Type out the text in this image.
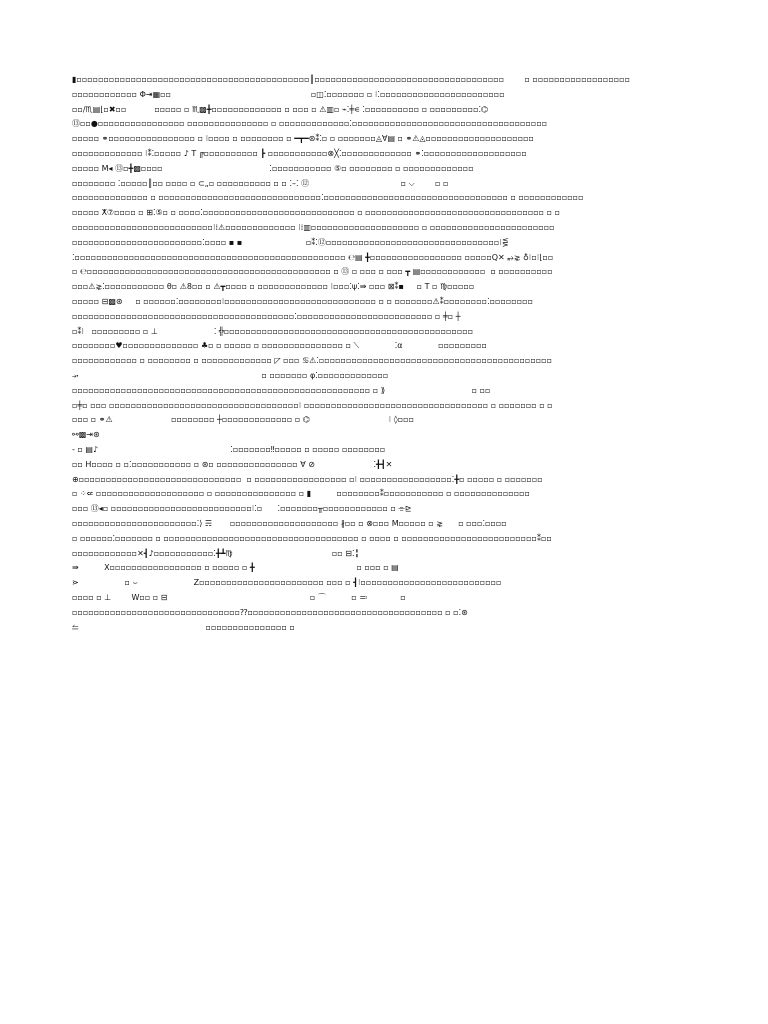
▮▫▫▫▫▫▫▫▫▫▫▫▫▫▫▫▫▫▫▫▫▫▫▫▫▫▫▫▫▫▫▫▫▫▫▫▫▫▫▫▫▫▫▫║▫▫▫▫▫▫▫▫▫▫▫▫▫▫▫▫▫▫▫▫▫▫▫▫▫▫▫▫▫▫▫▫▫▫▫        ▫ ▫▫▫▫▫▫▫▫▫▫▫▫▫▫▫▫▫▫
▫▫▫▫▫▫▫▫▫▫▫▫ Φ⇥▦▫▫                                                       ▫◫⁚▫▫▫▫▫▫▫ ▫ ⁝⁚▫▫▫▫▫▫▫▫▫▫▫▫▫▫▫▫▫▫▫▫▫▫▫
▫▫/♏▤⌊▫✖▫▫           ▫▫▫▫▫ ▫ ♏▩╋▫▫▫▫▫▫▫▫▫▫▫▫▫ ▫ ▫▫▫ ▫ ⚠▥▫ ⌁⁚╪∊ ⁚▫▫▫▫▫▫▫▫▫▫ ▫ ▫▫▫▫▫▫▫▫▫⁚⌬
⑬▫▫●▫▫▫▫▫▫▫▫▫▫▫▫▫▫▫▫ ▫▫▫▫▫▫▫▫▫▫▫▫▫▫▫ ▫ ▫▫▫▫▫▫▫▫▫▫▫▫▫⁚▫▫▫▫▫▫▫▫▫▫▫▫▫▫▫▫▫▫▫▫▫▫▫▫▫▫▫▫▫▫▫▫▫▫▫▫
▫▫▫▫▫ ⚭▫▫▫▫▫▫▫▫▫▫▫▫▫▫▫▫ ▫ ⁝▫▫▫▫ ▫ ▫▫▫▫▫▫▫▫ ▫ ━┳━⊛⁑⁚▫ ▫ ▫▫▫▫▫▫▫◬∀▤ ▫ ⚭⚠◬▫▫▫▫▫▫▫▫▫▫▫▫▫▫▫▫▫▫▫▫
▫▫▫▫▫▫▫▫▫▫▫▫▫ ⁝⁑⁚▫▫▫▫▫ ♪ T ╔▫▫▫▫▫▫▫▫▫▫ ┣ ▫▫▫▫▫▫▫▫▫▫▫⊗╳⁚▫▫▫▫▫▫▫▫▫▫▫▫▫ ⚭⁚▫▫▫▫▫▫▫▫▫▫▫▫▫▫▫▫▫▫▫
▫▫▫▫▫ M◂ ⑬▫╋▩▫▫▫▫                                          ⁚▫▫▫▫▫▫▫▫▫▫▫ ⑤▫ ▫▫▫▫▫▫▫▫ ▫ ▫▫▫▫▫▫▫▫▫▫▫▫▫
▫▫▫▫▫▫▫▫ ⁚▫▫▫▫▫║▫▫ ▫▫▫▫ ▫ ⊂„▫ ▫▫▫▫▫▫▫▫▫▫ ▫ ▫ ⁚–⁚ ⑫                                    ▫ ⌵        ▫ ▫
▫▫▫▫▫▫▫▫▫▫▫▫▫▫ ▫ ▫▫▫▫▫▫▫▫▫▫▫▫▫▫▫▫▫▫▫▫▫▫▫▫▫▫▫▫▫▫⁚▫▫▫▫▫▫▫▫▫▫▫▫▫▫▫▫▫▫▫▫▫▫▫▫▫▫▫▫▫▫▫▫▫▫ ▫ ▫▫▫▫▫▫▫▫▫▫▫▫
▫▫▫▫▫ ⵅ⑦▫▫▫▫ ▫ ⊞⁚⑤▫ ▫ ▫▫▫▫⁚▫▫▫▫▫▫▫▫▫▫▫▫▫▫▫▫▫▫▫▫▫▫▫▫▫▫▫▫ ▫ ▫▫▫▫▫▫▫▫▫▫▫▫▫▫▫▫▫▫▫▫▫▫▫▫▫▫▫▫▫▫▫▫▫ ▫ ▫
▫▫▫▫▫▫▫▫▫▫▫▫▫▫▫▫▫▫▫▫▫▫▫▫▫▫⁝⁞⚠▫▫▫▫▫▫▫▫▫▫▫▫▫ ⁝⁞▥▫▫▫▫▫▫▫▫▫▫▫▫▫▫▫▫▫▫▫▫ ▫ ▫▫▫▫▫▫▫▫▫▫▫▫▫▫▫▫▫▫▫▫▫▫▫
▫▫▫▫▫▫▫▫▫▫▫▫▫▫▫▫▫▫▫▫▫▫▫▫⁚▫▫▫▫ ▪ ▪                         ▫⁑⁚⑫▫▫▫▫▫▫▫▫▫▫▫▫▫▫▫▫▫▫▫▫▫▫▫▫▫▫▫▫▫▫▫▫⁝⋚
⁚▫▫▫▫▫▫▫▫▫▫▫▫▫▫▫▫▫▫▫▫▫▫▫▫▫▫▫▫▫▫▫▫▫▫▫▫▫▫▫▫▫▫▫▫▫▫▫▫▫▫ ℮▤ ╋▫▫▫▫▫▫▫▫▫▫▫▫▫▫▫▫▫ ▫▫▫▫▫Q✕ ⥵⋧ ♁⁝▫⁝⌊▫▫
▫ ℮▫▫▫▫▫▫▫▫▫▫▫▫▫▫▫▫▫▫▫▫▫▫▫▫▫▫▫▫▫▫▫▫▫▫▫▫▫▫▫▫▫▫▫▫▫ ▫ ⑬ ▫ ▫▫▫ ▫ ▫▫▫ ┳ ▤▫▫▫▫▫▫▫▫▫▫▫▫  ▫ ▫▫▫▫▫▫▫▫▫▫
▫▫▫⚠⋧⁚▫▫▫▫▫▫▫▫▫▫▫ θ▫ ⚠8▫▫ ▫ ⚠┳▫▫▫▫ ▫ ▫▫▫▫▫▫▫▫▫▫▫▫▫ ⁝▫▫▫⁚ψ⁚⇛ ▫▫▫ ⊠⁑▪     ▫ T ▫ ♍▫▫▫▫▫
▫▫▫▫▫ ⊟▩⊛     ▫ ▫▫▫▫▫▫⁚▫▫▫▫▫▫▫▫⁝▫▫▫▫▫▫▫▫▫▫▫▫▫▫▫▫▫▫▫▫▫▫▫▫▫▫▫▫ ▫ ▫ ▫▫▫▫▫▫▫⚠⁑▫▫▫▫▫▫▫▫⁚▫▫▫▫▫▫▫▫
▫▫▫▫▫▫▫▫▫▫▫▫▫▫▫▫▫▫▫▫▫▫▫▫▫▫▫▫▫▫▫▫▫▫▫▫▫▫▫▫▫⁚▫▫▫▫▫▫▫▫▫▫▫▫▫▫▫▫▫▫▫▫▫▫▫▫▫ ▫ ╪▫ ┼
▫⁑⁝   ▫▫▫▫▫▫▫▫▫ ▫ ⊥                      ⁚ ╬▫▫▫▫▫▫▫▫▫▫▫▫▫▫▫▫▫▫▫▫▫▫▫▫▫▫▫▫▫▫▫▫▫▫▫▫▫▫▫▫▫▫▫▫▫▫
▫▫▫▫▫▫▫▫♥▫▫▫▫▫▫▫▫▫▫▫▫▫▫ ♣▫ ▫ ▫▫▫▫▫ ▫ ▫▫▫▫▫▫▫▫▫▫▫▫▫▫▫ ▫ ⟍              ⁚α              ▫▫▫▫▫▫▫▫▫
▫▫▫▫▫▫▫▫▫▫▫▫ ▫ ▫▫▫▫▫▫▫▫ ▫ ▫▫▫▫▫▫▫▫▫▫▫▫▫ ◸ ▫▫▫ ♋⚠⁚▫▫▫▫▫▫▫▫▫▫▫▫▫▫▫▫▫▫▫▫▫▫▫▫▫▫▫▫▫▫▫▫▫▫▫▫▫▫▫▫▫▫▫
⤞                                                                        ▫ ▫▫▫▫▫▫▫ φ⁚▫▫▫▫▫▫▫▫▫▫▫▫▫
▫▫▫▫▫▫▫▫▫▫▫▫▫▫▫▫▫▫▫▫▫▫▫▫▫▫▫▫▫▫▫▫▫▫▫▫▫▫▫▫▫▫▫▫▫▫▫▫▫▫▫▫▫▫▫ ▫ ⟫                                  ▫ ▫▫
▫╪▫ ▫▫▫ ▫▫▫▫▫▫▫▫▫▫▫▫▫▫▫▫▫▫▫▫▫▫▫▫▫▫▫▫▫▫▫▫▫▫▫⁝ ▫▫▫▫▫▫▫▫▫▫▫▫▫▫▫▫▫▫▫▫▫▫▫▫▫▫▫▫▫▫▫▫▫▫ ▫ ▫▫▫▫▫▫▫ ▫ ▫
▫▫▫ ▫ ⚭⚠                       ▫▫▫▫▫▫▫▫ ┼▫▫▫▫▫▫▫▫▫▫▫▫▫ ▫ ⌬                               ⁝ ◊▫▫▫
⚯▩⇥⊛
- ▫ ▤♪                                                    ⁚▫▫▫▫▫▫▫‼▫▫▫▫▫ ▫ ▫▫▫▫▫ ▫▫▫▫▫▫▫▫
▫▫ H▫▫▫▫ ▫ ▫⁚▫▫▫▫▫▫▫▫▫▫▫ ▫ ⊛▫ ▫▫▫▫▫▫▫▫▫▫▫▫▫▫▫ ∀ ⊘                       ⁚╋┫✕
⊕▫▫▫▫▫▫▫▫▫▫▫▫▫▫▫▫▫▫▫▫▫▫▫▫▫▫▫▫▫▫  ▫ ▫▫▫▫▫▫▫▫▫▫▫▫▫▫▫▫▫ ▫⁝ ▫▫▫▫▫▫▫▫▫▫▫▫▫▫▫▫▫⁚╋▫ ▫▫▫▫▫ ▫ ▫▫▫▫▫▫▫
▫ ⁘⇍ ▫▫▫▫▫▫▫▫▫▫▫▫▫▫▫▫▫▫▫▫ ▫ ▫▫▫▫▫▫▫▫▫▫▫▫▫▫▫ ▫ ▮          ▫▫▫▫▫▫▫▫⁑▫▫▫▫▫▫▫▫▫▫▫ ▫ ▫▫▫▫▫▫▫▫▫▫▫▫▫▫
▫▫▫ ⑬◂▫ ▫▫▫▫▫▫▫▫▫▫▫▫▫▫▫▫▫▫▫▫▫▫▫▫▫▫⁝⁚▫      ⁚▫▫▫▫▫▫▫╥▫▫▫▫▫▫▫▫▫▫▫▫ ▫ ⌯⊵
▫▫▫▫▫▫▫▫▫▫▫▫▫▫▫▫▫▫▫▫▫▫▫⁚⟩ ☴       ▫▫▫▫▫▫▫▫▫▫▫▫▫▫▫▫▫▫▫▫ ∦▫▫ ▫ ⊗▫▫▫ M▫▫▫▫▫ ▫ ⋧      ▫ ▫▫▫⁚▫▫▫▫
▫ ▫▫▫▫▫▫⁚▫▫▫▫▫▫▫ ▫ ▫▫▫▫▫▫▫▫▫▫▫▫▫▫▫▫▫▫▫▫▫▫▫▫▫▫▫▫▫▫▫▫▫▫▫▫ ▫ ▫▫▫▫ ▫ ▫▫▫▫▫▫▫▫▫▫▫▫▫▫▫▫▫▫▫▫▫▫▫▫▫⁑▫▫
▫▫▫▫▫▫▫▫▫▫▫▫✕┫♪▫▫▫▫▫▫▫▫▫▫▫⁚╋┻♍                                       ▫▫ ⊟⁚╏
⇛          X▫▫▫▫▫▫▫▫▫▫▫▫▫▫▫▫▫ ▫ ▫▫▫▫▫ ▫ ╋                                        ▫ ▫▫▫ ▫ ▤
⋗                  ▫ ⌣                      Z▫▫▫▫▫▫▫▫▫▫▫▫▫▫▫▫▫▫▫▫▫▫▫ ▫▫▫ ▫ ┫⁝▫▫▫▫▫▫▫▫▫▫▫▫▫▫▫▫▫▫▫▫▫▫▫▫▫▫
▫▫▫▫ ▫ ⊥        W▫▫ ▫ ⊟                                                        ▫ ⌒          ▫ ≕             ▫
▫▫▫▫▫▫▫▫▫▫▫▫▫▫▫▫▫▫▫▫▫▫▫▫▫▫▫▫▫▫▫⁇▫▫▫▫▫▫▫▫▫▫▫▫▫▫▫▫▫▫▫▫▫▫▫▫▫▫▫▫▫▫▫▫▫▫▫▫ ▫ ▫⁚⊛
⥪                                                  ▫▫▫▫▫▫▫▫▫▫▫▫▫▫▫ ▫
